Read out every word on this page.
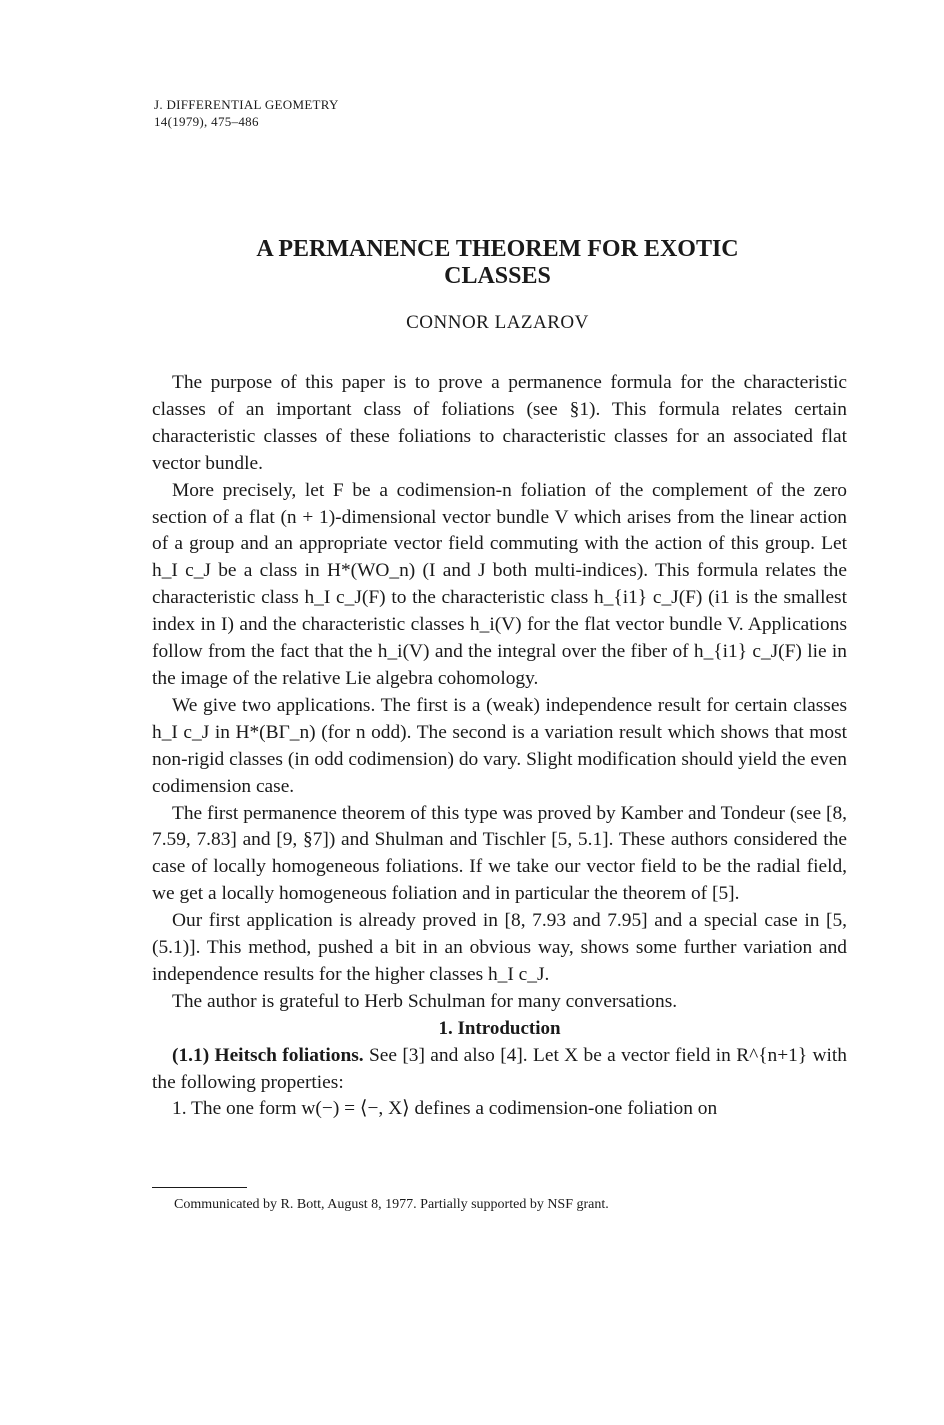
J. DIFFERENTIAL GEOMETRY
14(1979), 475–486
A PERMANENCE THEOREM FOR EXOTIC
CLASSES
CONNOR LAZAROV

The purpose of this paper is to prove a permanence formula for the characteristic classes of an important class of foliations (see §1). This formula relates certain characteristic classes of these foliations to characteristic classes for an associated flat vector bundle.

More precisely, let F be a codimension-n foliation of the complement of the zero section of a flat (n + 1)-dimensional vector bundle V which arises from the linear action of a group and an appropriate vector field commuting with the action of this group. Let h_I c_J be a class in H*(WO_n) (I and J both multi-indices). This formula relates the characteristic class h_I c_J(F) to the characteristic class h_{i1} c_J(F) (i1 is the smallest index in I) and the characteristic classes h_i(V) for the flat vector bundle V. Applications follow from the fact that the h_i(V) and the integral over the fiber of h_{i1} c_J(F) lie in the image of the relative Lie algebra cohomology.

We give two applications. The first is a (weak) independence result for certain classes h_I c_J in H*(BΓ_n) (for n odd). The second is a variation result which shows that most non-rigid classes (in odd codimension) do vary. Slight modification should yield the even codimension case.

The first permanence theorem of this type was proved by Kamber and Tondeur (see [8, 7.59, 7.83] and [9, §7]) and Shulman and Tischler [5, 5.1]. These authors considered the case of locally homogeneous foliations. If we take our vector field to be the radial field, we get a locally homogeneous foliation and in particular the theorem of [5].

Our first application is already proved in [8, 7.93 and 7.95] and a special case in [5, (5.1)]. This method, pushed a bit in an obvious way, shows some further variation and independence results for the higher classes h_I c_J.

The author is grateful to Herb Schulman for many conversations.

1. Introduction

(1.1) Heitsch foliations. See [3] and also [4]. Let X be a vector field in R^{n+1} with the following properties:

1. The one form w(−) = ⟨−, X⟩ defines a codimension-one foliation on

Communicated by R. Bott, August 8, 1977. Partially supported by NSF grant.
